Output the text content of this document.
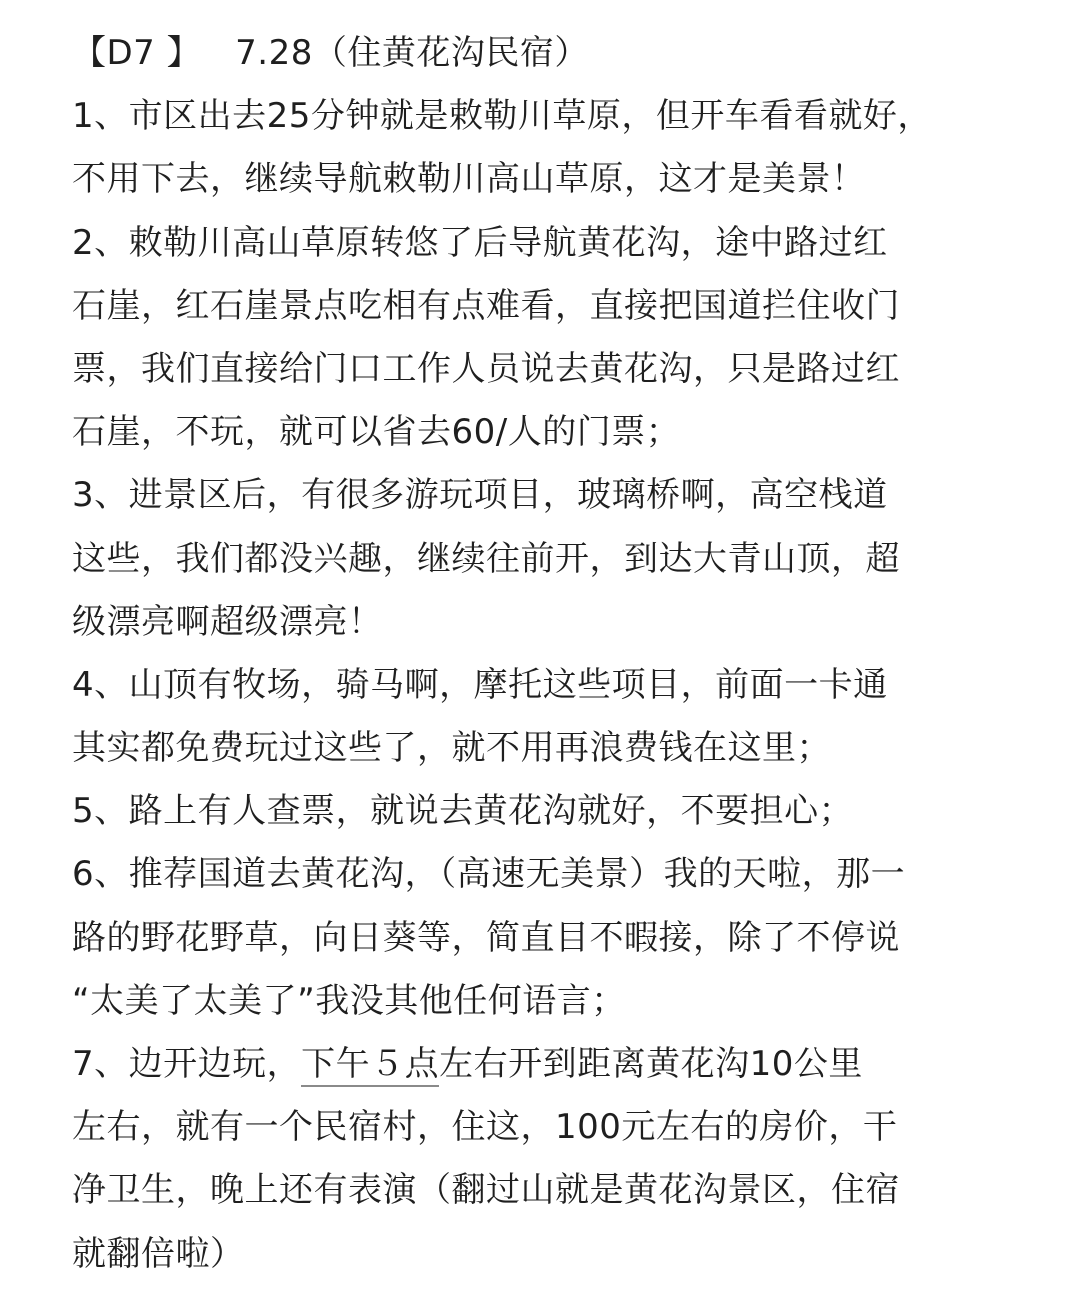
【D7 】 7.28（住黄花沟民宿）
1、市区出去25分钟就是敕勒川草原，但开车看看就好，
不用下去，继续导航敕勒川高山草原，这才是美景！
2、敕勒川高山草原转悠了后导航黄花沟，途中路过红
石崖，红石崖景点吃相有点难看，直接把国道拦住收门
票，我们直接给门口工作人员说去黄花沟，只是路过红
石崖，不玩，就可以省去60/人的门票；
3、进景区后，有很多游玩项目，玻璃桥啊，高空栈道
这些，我们都没兴趣，继续往前开，到达大青山顶，超
级漂亮啊超级漂亮！
4、山顶有牧场，骑马啊，摩托这些项目，前面一卡通
其实都免费玩过这些了，就不用再浪费钱在这里；
5、路上有人查票，就说去黄花沟就好，不要担心；
6、推荐国道去黄花沟，（高速无美景）我的天啦，那一
路的野花野草，向日葵等，简直目不暇接，除了不停说
“太美了太美了”我没其他任何语言；
7、边开边玩，下午５点左右开到距离黄花沟10公里
左右，就有一个民宿村，住这，100元左右的房价，干
净卫生，晚上还有表演（翻过山就是黄花沟景区，住宿
就翻倍啦）
